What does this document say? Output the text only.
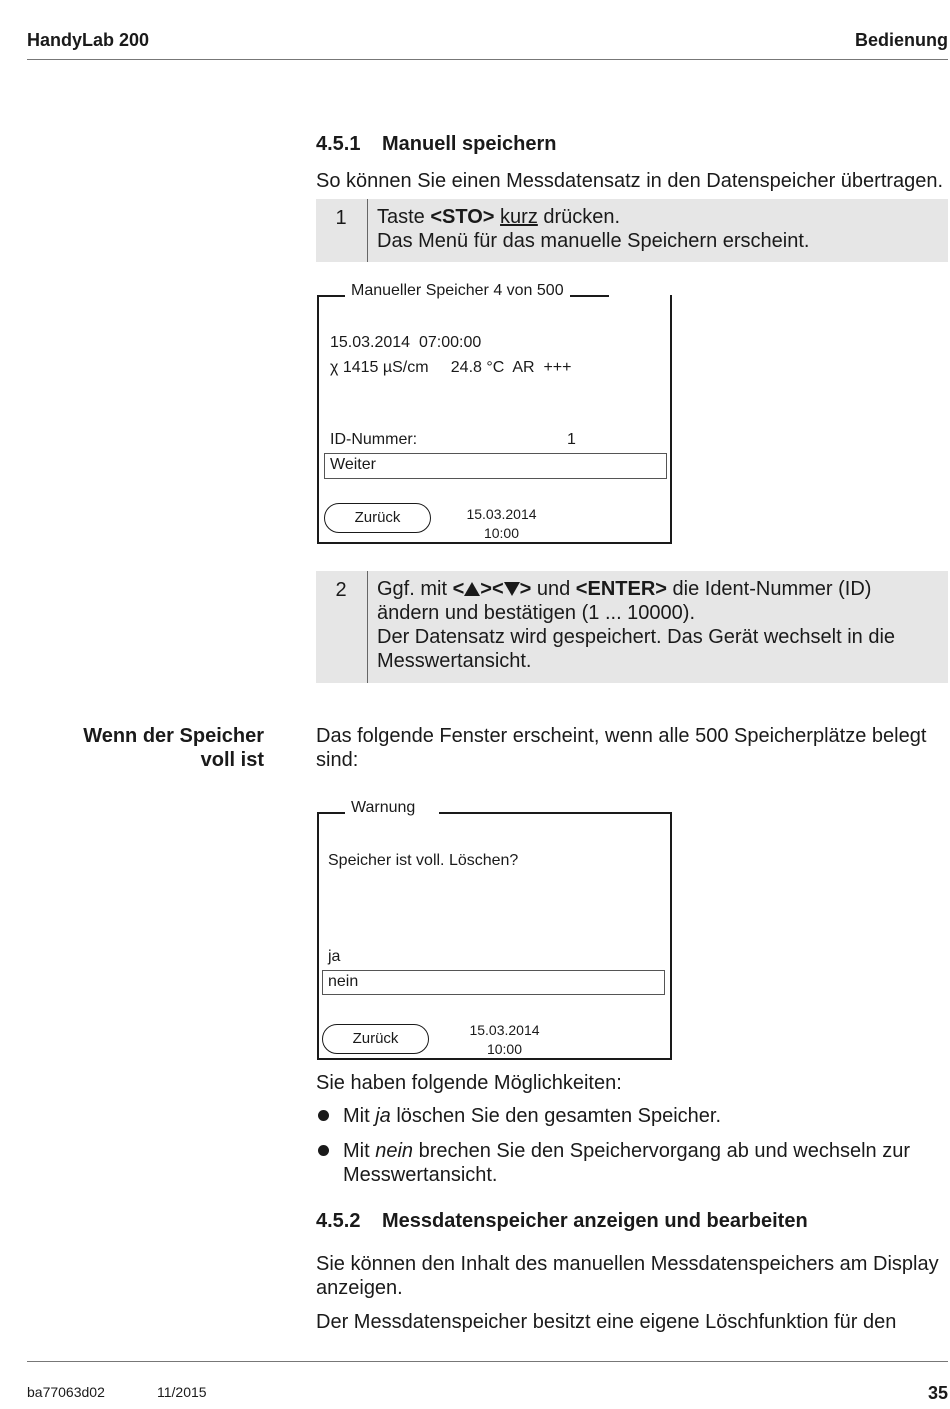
HandyLab 200	Bedienung
4.5.1 Manuell speichern
So können Sie einen Messdatensatz in den Datenspeicher übertragen.
1	Taste <STO> kurz drücken.
Das Menü für das manuelle Speichern erscheint.
Manueller Speicher 4 von 500
15.03.2014  07:00:00
χ 1415 µS/cm     24.8 °C  AR  +++
ID-Nummer:	1
Weiter
Zurück	15.03.2014
10:00
2	Ggf. mit < >< > und <ENTER> die Ident-Nummer (ID)
ändern und bestätigen (1 ... 10000).
Der Datensatz wird gespeichert. Das Gerät wechselt in die
Messwertansicht.
Wenn der Speicher
voll ist
Das folgende Fenster erscheint, wenn alle 500 Speicherplätze belegt
sind:
Warnung
Speicher ist voll. Löschen?
ja
nein
Zurück	15.03.2014
10:00
Sie haben folgende Möglichkeiten:
Mit ja löschen Sie den gesamten Speicher.
Mit nein brechen Sie den Speichervorgang ab und wechseln zur
Messwertansicht.
4.5.2 Messdatenspeicher anzeigen und bearbeiten
Sie können den Inhalt des manuellen Messdatenspeichers am Display
anzeigen.
Der Messdatenspeicher besitzt eine eigene Löschfunktion für den
ba77063d02	11/2015	35
